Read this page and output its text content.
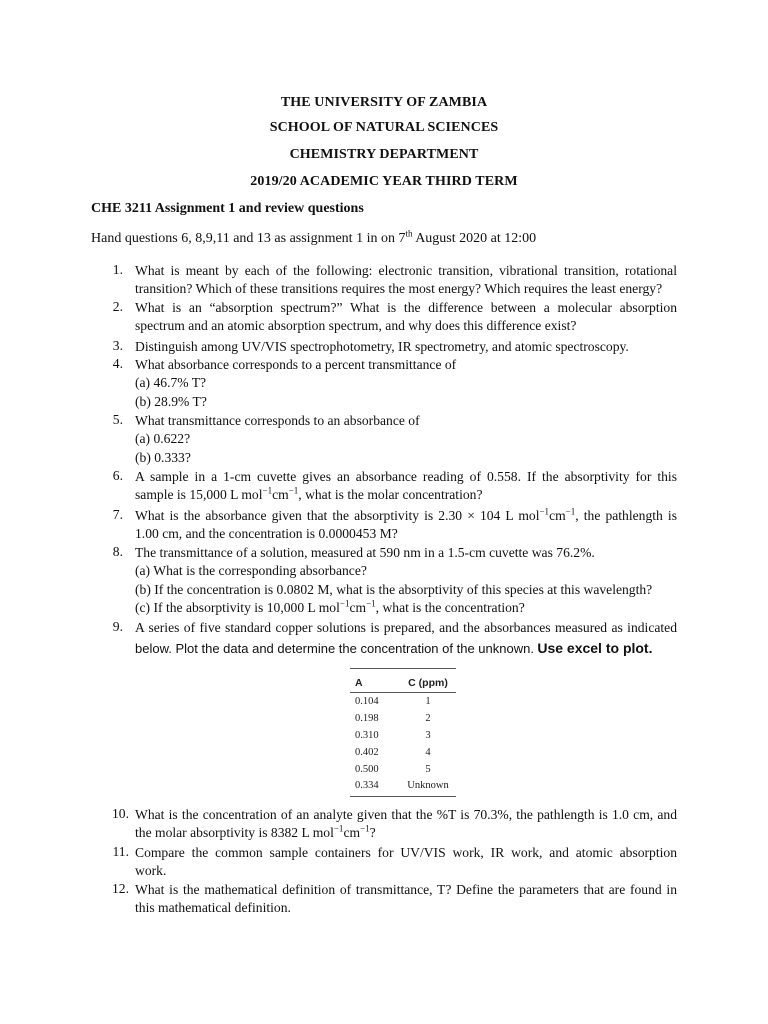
THE UNIVERSITY OF ZAMBIA
SCHOOL OF NATURAL SCIENCES
CHEMISTRY DEPARTMENT
2019/20 ACADEMIC YEAR THIRD TERM
CHE 3211 Assignment 1 and review questions
Hand questions 6, 8,9,11 and 13 as assignment 1 in on 7th August 2020 at 12:00
1. What is meant by each of the following: electronic transition, vibrational transition, rotational
transition? Which of these transitions requires the most energy? Which requires the least energy?
2. What is an “absorption spectrum?” What is the difference between a molecular absorption
spectrum and an atomic absorption spectrum, and why does this difference exist?
3. Distinguish among UV/VIS spectrophotometry, IR spectrometry, and atomic spectroscopy.
4. What absorbance corresponds to a percent transmittance of
(a) 46.7% T?
(b) 28.9% T?
5. What transmittance corresponds to an absorbance of
(a) 0.622?
(b) 0.333?
6. A sample in a 1-cm cuvette gives an absorbance reading of 0.558. If the absorptivity for this
sample is 15,000 L $mol^{-1}cm^{-1}$, what is the molar concentration?
7. What is the absorbance given that the absorptivity is 2.30 × 104 L $mol^{-1}cm^{-1}$, the pathlength is
1.00 cm, and the concentration is 0.0000453 M?
8. The transmittance of a solution, measured at 590 nm in a 1.5-cm cuvette was 76.2%.
(a) What is the corresponding absorbance?
(b) If the concentration is 0.0802 M, what is the absorptivity of this species at this wavelength?
(c) If the absorptivity is 10,000 L $mol^{-1}cm^{-1}$, what is the concentration?
9. A series of five standard copper solutions is prepared, and the absorbances measured as indicated
below. Plot the data and determine the concentration of the unknown. Use excel to plot.
A	C (ppm)
0.104	1
0.198	2
0.310	3
0.402	4
0.500	5
0.334	Unknown
10. What is the concentration of an analyte given that the %T is 70.3%, the pathlength is 1.0 cm, and
the molar absorptivity is 8382 L $mol^{-1}cm^{-1}$?
11. Compare the common sample containers for UV/VIS work, IR work, and atomic absorption
work.
12. What is the mathematical definition of transmittance, T? Define the parameters that are found in
this mathematical definition.
